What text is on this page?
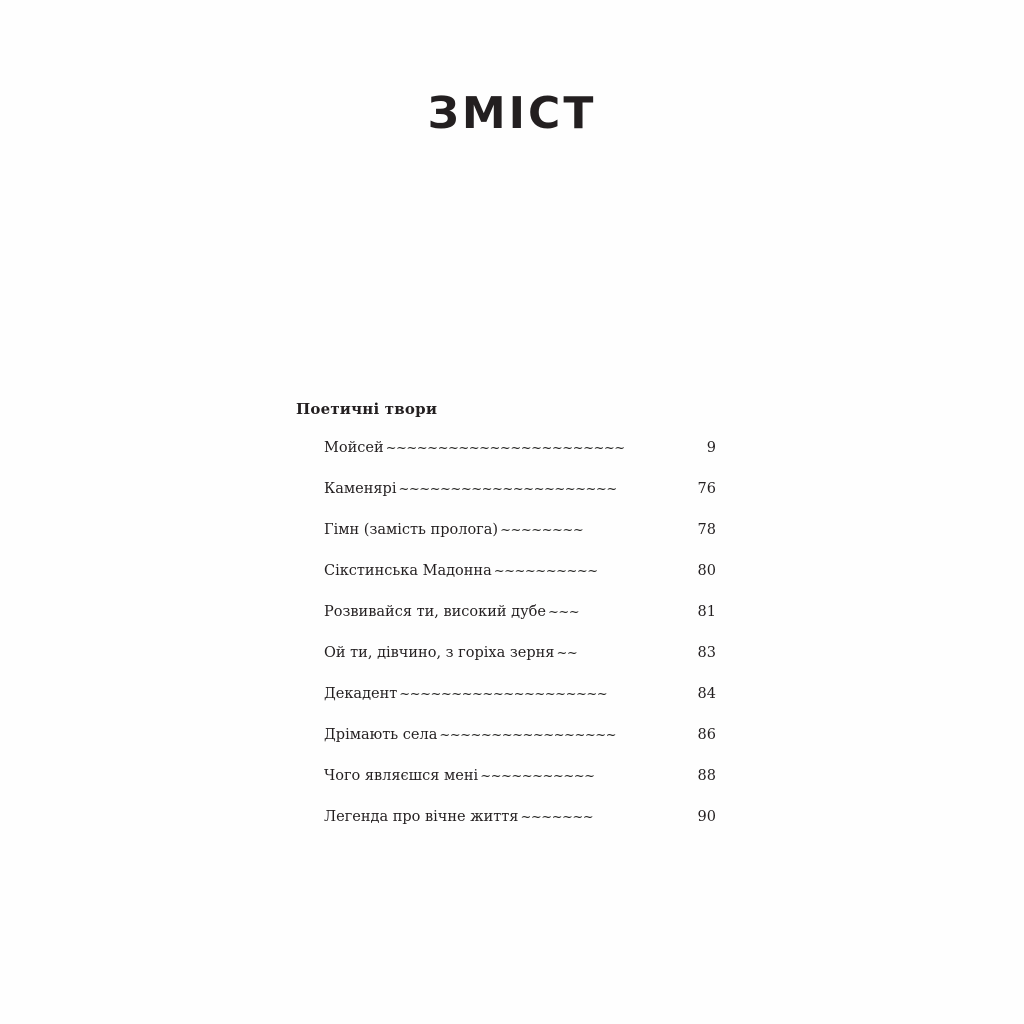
ЗМІСТ
Поетичні твори
Мойсей ~~~~~~~~~~~~~~~~~~~~~~~	9
Каменярі ~~~~~~~~~~~~~~~~~~~~~	76
Гімн (замість пролога) ~~~~~~~~	78
Сікстинська Мадонна ~~~~~~~~~~	80
Розвивайся ти, високий дубе ~~~	81
Ой ти, дівчино, з горіха зерня ~~	83
Декадент ~~~~~~~~~~~~~~~~~~~~	84
Дрімають села ~~~~~~~~~~~~~~~~~	86
Чого являєшся мені ~~~~~~~~~~~	88
Легенда про вічне життя ~~~~~~~	90
